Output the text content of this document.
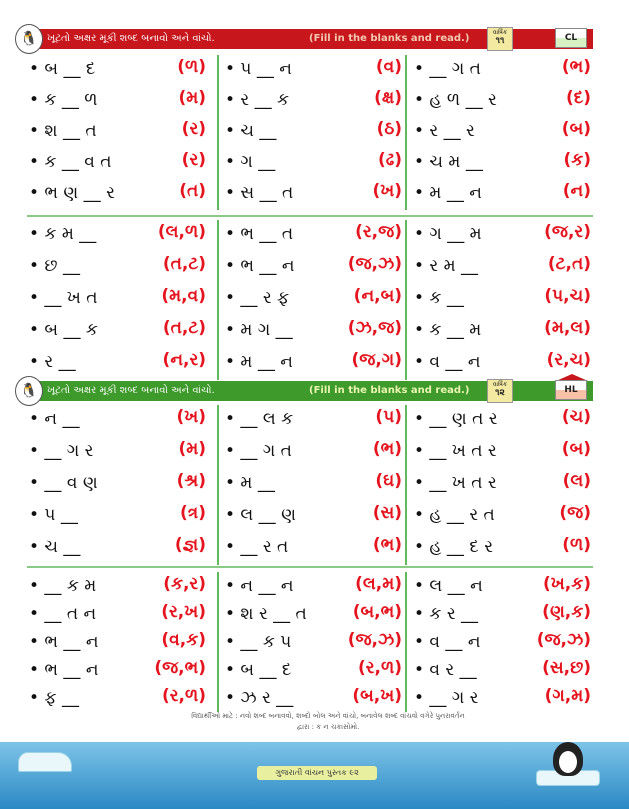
🐧 ખૂટતો અક્ષર મૂકી શબ્દ બનાવો અને વાંચો.	(Fill in the blanks and read.)
વાર્ષિક
૧૧	CL
• બ __ દ	(ળ)
• ક __ ળ	(મ)
• શ __ ત	(ર)
• ક __ વ ત	(ર)
• ભ ણ __ ર	(ત)
• પ __ ન	(વ)
• ર __ ક	(ક્ષ)
• ચ __	(ઠ)
• ગ __	(ઢ)
• સ __ ત	(ખ)
• __ ગ ત	(ભ)
• હ ળ __ ર	(દ)
• ર __ ર	(બ)
• ચ મ __	(ક)
• મ __ ન	(ન)
• ક મ __	(લ,ળ)
• છ __	(ત,ટ)
• __ ખ ત	(મ,વ)
• બ __ ક	(ત,ટ)
• ર __	(ન,ર)
• ભ __ ત	(ર,જ)
• ભ __ ન	(જ,ઝ)
• __ ર ફ	(ન,બ)
• મ ગ __	(ઝ,જ)
• મ __ ન	(જ,ગ)
• ગ __ મ	(જ,ર)
• ર મ __	(ટ,ત)
• ક __	(પ,ચ)
• ક __ મ	(મ,લ)
• વ __ ન	(ર,ચ)
🐧 ખૂટતો અક્ષર મૂકી શબ્દ બનાવો અને વાંચો.	(Fill in the blanks and read.)
વાર્ષિક
૧૨	HL
• ન __	(ખ)
• __ ગ ર	(મ)
• __ વ ણ	(શ્ર)
• પ __	(ત્ર)
• ચ __	(જ્ઞ)
• __ લ ક	(પ)
• __ ગ ત	(ભ)
• મ __	(ઘ)
• લ __ ણ	(સ)
• __ ર ત	(ભ)
• __ ણ ત ર	(ચ)
• __ ખ ત ર	(બ)
• __ ખ ત ર	(લ)
• હ __ ર ત	(જ)
• હ __ દ ર	(ળ)
• __ ક મ	(ક,ર)
• __ ત ન	(ર,ખ)
• ભ __ ન	(વ,ક)
• ભ __ ન	(જ,ભ)
• ફ __	(ર,ળ)
• ન __ ન	(લ,મ)
• શ ર __ ત	(બ,ભ)
• __ ક પ	(જ,ઝ)
• બ __ દ	(ર,ળ)
• ઝ ર __	(બ,ખ)
• લ __ ન	(ખ,ક)
• ક ર __	(ણ,ક)
• વ __ ન	(જ,ઝ)
• વ ર __	(સ,છ)
• __ ગ ર	(ગ,મ)
વિદ્યાર્થીઓ માટે : નવો શબ્દ બનાવવો, શબ્દો બોલ અને વાંચો, બનાવેલ શબ્દ વાંચવો વગેરે પુનરાવર્તન
દ્વારા : ક ન ચકાસોમો.
ગુજરાતી વાંચન પુસ્તક ૯૨
